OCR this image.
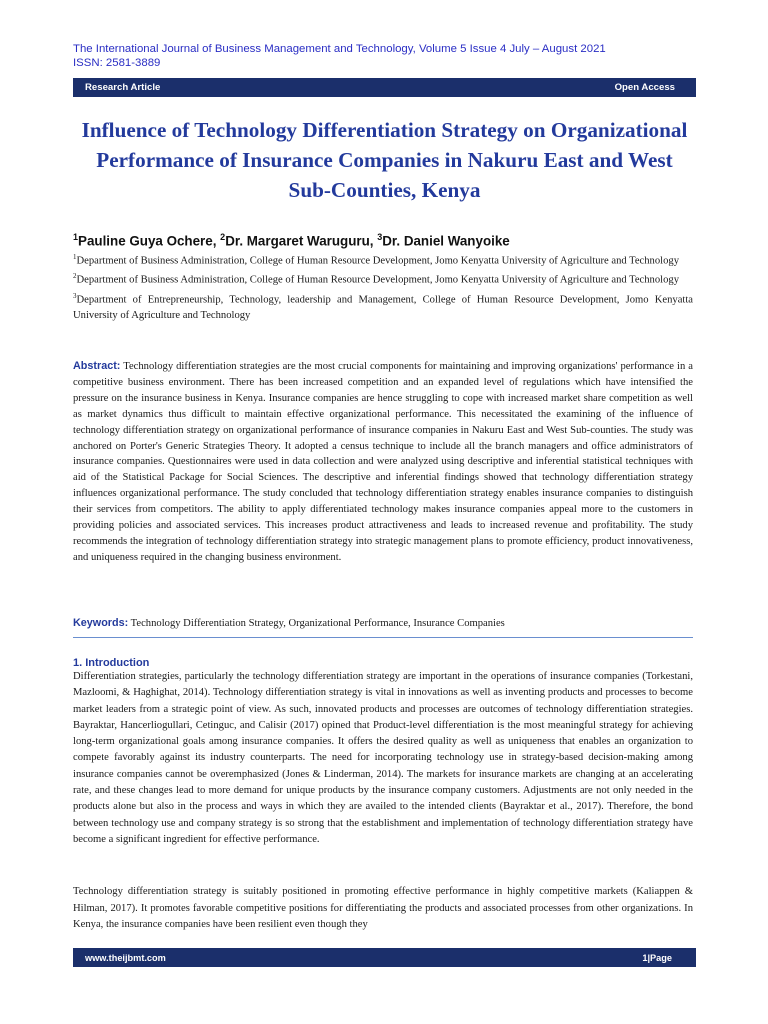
The International Journal of Business Management and Technology, Volume 5 Issue 4 July – August 2021
ISSN: 2581-3889
Research Article	Open Access
Influence of Technology Differentiation Strategy on Organizational Performance of Insurance Companies in Nakuru East and West Sub-Counties, Kenya
$^1$Pauline Guya Ochere, $^2$Dr. Margaret Waruguru, $^3$Dr. Daniel Wanyoike
$^1$Department of Business Administration, College of Human Resource Development, Jomo Kenyatta University of Agriculture and Technology
$^2$Department of Business Administration, College of Human Resource Development, Jomo Kenyatta University of Agriculture and Technology
$^3$Department of Entrepreneurship, Technology, leadership and Management, College of Human Resource Development, Jomo Kenyatta University of Agriculture and Technology
Abstract: Technology differentiation strategies are the most crucial components for maintaining and improving organizations' performance in a competitive business environment. There has been increased competition and an expanded level of regulations which have intensified the pressure on the insurance business in Kenya. Insurance companies are hence struggling to cope with increased market share competition as well as market dynamics thus difficult to maintain effective organizational performance. This necessitated the examining of the influence of technology differentiation strategy on organizational performance of insurance companies in Nakuru East and West Sub-counties. The study was anchored on Porter's Generic Strategies Theory. It adopted a census technique to include all the branch managers and office administrators of insurance companies. Questionnaires were used in data collection and were analyzed using descriptive and inferential statistical techniques with aid of the Statistical Package for Social Sciences. The descriptive and inferential findings showed that technology differentiation strategy influences organizational performance. The study concluded that technology differentiation strategy enables insurance companies to distinguish their services from competitors. The ability to apply differentiated technology makes insurance companies appeal more to the customers in providing policies and associated services. This increases product attractiveness and leads to increased revenue and profitability. The study recommends the integration of technology differentiation strategy into strategic management plans to promote efficiency, product innovativeness, and uniqueness required in the changing business environment.
Keywords: Technology Differentiation Strategy, Organizational Performance, Insurance Companies
1. Introduction
Differentiation strategies, particularly the technology differentiation strategy are important in the operations of insurance companies (Torkestani, Mazloomi, & Haghighat, 2014). Technology differentiation strategy is vital in innovations as well as inventing products and processes to become market leaders from a strategic point of view. As such, innovated products and processes are outcomes of technology differentiation strategies. Bayraktar, Hancerliogullari, Cetinguc, and Calisir (2017) opined that Product-level differentiation is the most meaningful strategy for achieving long-term organizational goals among insurance companies. It offers the desired quality as well as uniqueness that enables an organization to compete favorably against its industry counterparts. The need for incorporating technology use in strategy-based decision-making among insurance companies cannot be overemphasized (Jones & Linderman, 2014). The markets for insurance markets are changing at an accelerating rate, and these changes lead to more demand for unique products by the insurance company customers. Adjustments are not only needed in the products alone but also in the process and ways in which they are availed to the intended clients (Bayraktar et al., 2017). Therefore, the bond between technology use and company strategy is so strong that the establishment and implementation of technology differentiation strategy have become a significant ingredient for effective performance.
Technology differentiation strategy is suitably positioned in promoting effective performance in highly competitive markets (Kaliappen & Hilman, 2017). It promotes favorable competitive positions for differentiating the products and associated processes from other organizations. In Kenya, the insurance companies have been resilient even though they
www.theijbmt.com	1|Page
